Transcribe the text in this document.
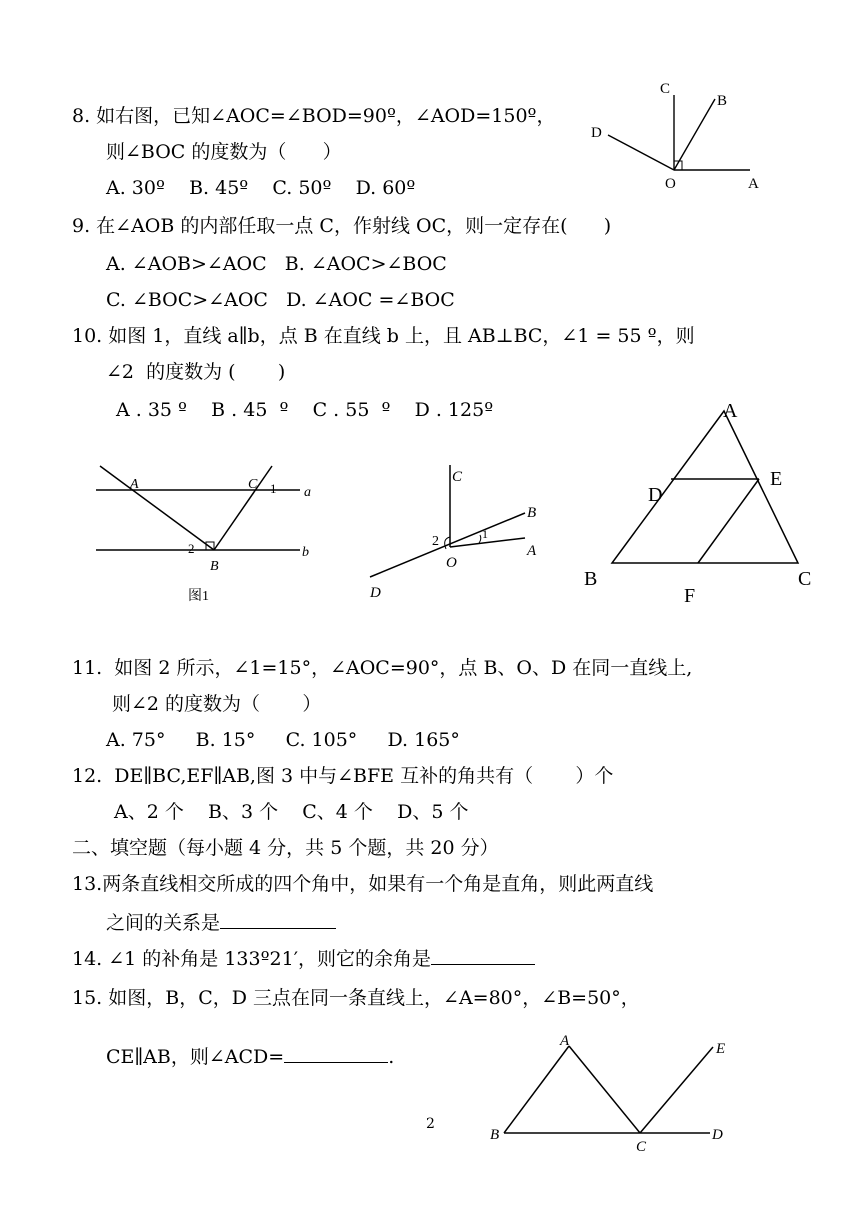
8. 如右图，已知∠AOC=∠BOD=90º，∠AOD=150º，
则∠BOC 的度数为（      ）
A. 30º    B. 45º    C. 50º    D. 60º
C
B
D
O	A
9. 在∠AOB 的内部任取一点 C，作射线 OC，则一定存在(      )
A. ∠AOB>∠AOC   B. ∠AOC>∠BOC
C. ∠BOC>∠AOC   D. ∠AOC =∠BOC
10. 如图 1，直线 a∥b，点 B 在直线 b 上，且 AB⊥BC，∠1 = 55 º，则
∠2  的度数为 (       )
A . 35 º    B . 45  º    C . 55  º    D . 125º
A	C 1 a
2
B
b
图1
C
B
2
O
1
A
D
A
D
E
B	C
F
11.  如图 2 所示，∠1=15°，∠AOC=90°，点 B、O、D 在同一直线上,
则∠2 的度数为（       ）
A. 75°     B. 15°     C. 105°     D. 165°
12.  DE∥BC,EF∥AB,图 3 中与∠BFE 互补的角共有（       ）个
A、2 个    B、3 个    C、4 个    D、5 个
二、填空题（每小题 4 分，共 5 个题，共 20 分）
13.两条直线相交所成的四个角中，如果有一个角是直角，则此两直线
之间的关系是
14. ∠1 的补角是 133º21′，则它的余角是
15. 如图，B，C，D 三点在同一条直线上，∠A=80°，∠B=50°，
CE∥AB，则∠ACD=	.
A	E
B
C
D
2
